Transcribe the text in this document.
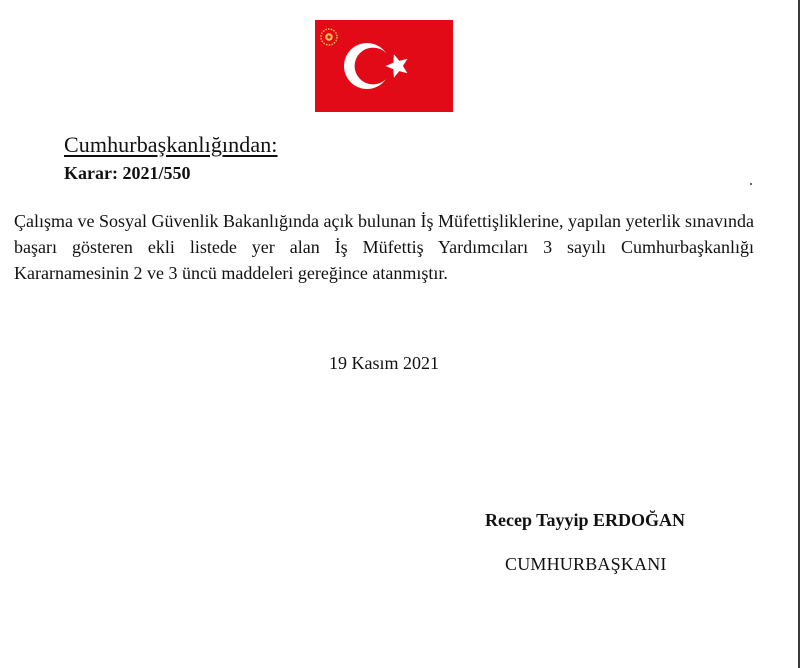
Cumhurbaşkanlığından:
Karar: 2021/550
Çalışma ve Sosyal Güvenlik Bakanlığında açık bulunan İş Müfettişliklerine, yapılan yeterlik sınavında başarı gösteren ekli listede yer alan İş Müfettiş Yardımcıları 3 sayılı Cumhurbaşkanlığı Kararnamesinin 2 ve 3 üncü maddeleri gereğince atanmıştır.
19 Kasım 2021
Recep Tayyip ERDOĞAN
CUMHURBAŞKANI
